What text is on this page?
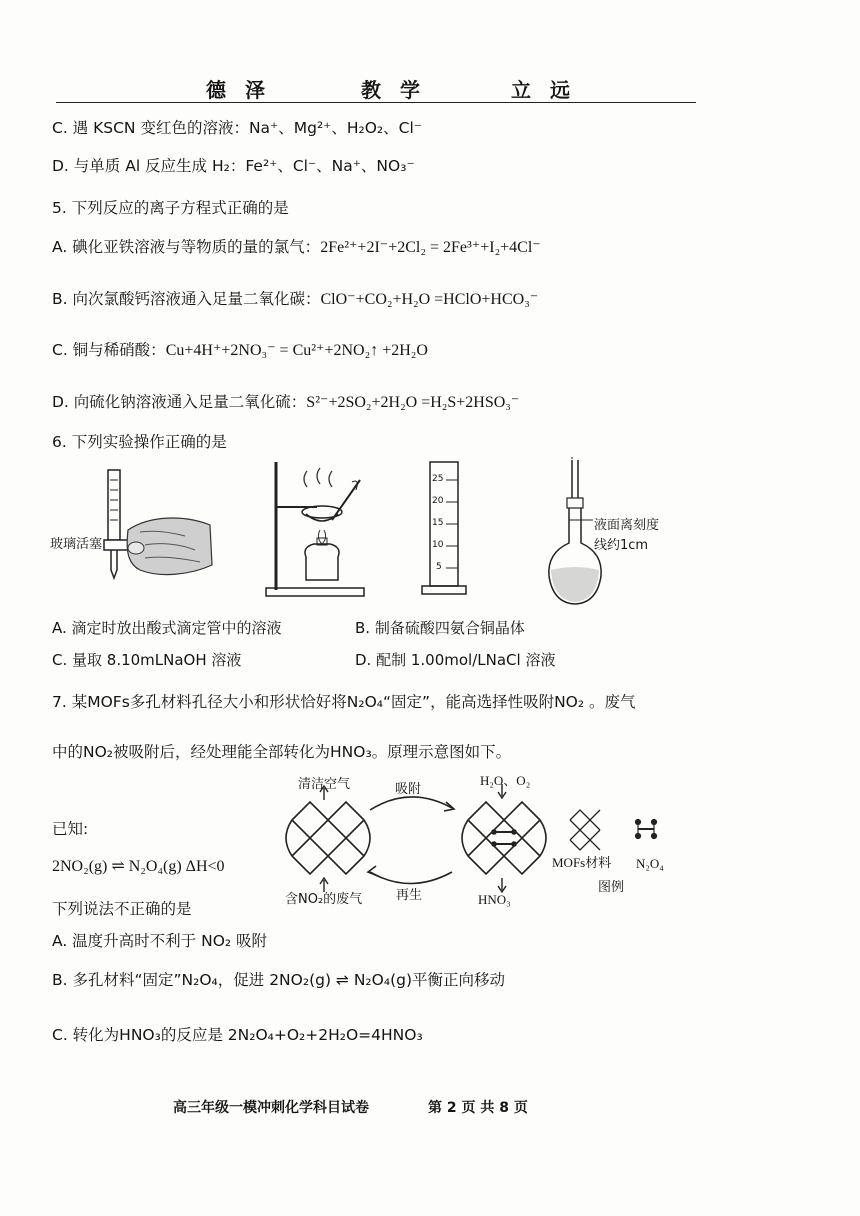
德 泽	教 学	立 远
C. 遇 KSCN 变红色的溶液：Na⁺、Mg²⁺、H₂O₂、Cl⁻
D. 与单质 Al 反应生成 H₂：Fe²⁺、Cl⁻、Na⁺、NO₃⁻
5. 下列反应的离子方程式正确的是
A. 碘化亚铁溶液与等物质的量的氯气：2Fe²⁺+2I⁻+2Cl₂ = 2Fe³⁺+I₂+4Cl⁻
B. 向次氯酸钙溶液通入足量二氧化碳：ClO⁻+CO₂+H₂O =HClO+HCO₃⁻
C. 铜与稀硝酸：Cu+4H⁺+2NO₃⁻ = Cu²⁺+2NO₂↑ +2H₂O
D. 向硫化钠溶液通入足量二氧化硫：S²⁻+2SO₂+2H₂O =H₂S+2HSO₃⁻
6. 下列实验操作正确的是
玻璃活塞
25
20
15
10
5
液面离刻度
线约1cm
A. 滴定时放出酸式滴定管中的溶液	B. 制备硫酸四氨合铜晶体
C. 量取 8.10mLNaOH 溶液	D. 配制 1.00mol/LNaCl 溶液
7. 某MOFs多孔材料孔径大小和形状恰好将N₂O₄“固定”，能高选择性吸附NO₂ 。废气
中的NO₂被吸附后，经处理能全部转化为HNO₃。原理示意图如下。
已知:
2NO₂(g) ⇌ N₂O₄(g) ΔH<0
下列说法不正确的是
清洁空气	吸附
H₂O、O₂
含NO₂的废气	再生	HNO₃
MOFs材料 N₂O₄
图例
A. 温度升高时不利于 NO₂ 吸附
B. 多孔材料“固定”N₂O₄，促进 2NO₂(g) ⇌ N₂O₄(g)平衡正向移动
C. 转化为HNO₃的反应是 2N₂O₄+O₂+2H₂O=4HNO₃
高三年级一模冲刺化学科目试卷	第 2 页 共 8 页
